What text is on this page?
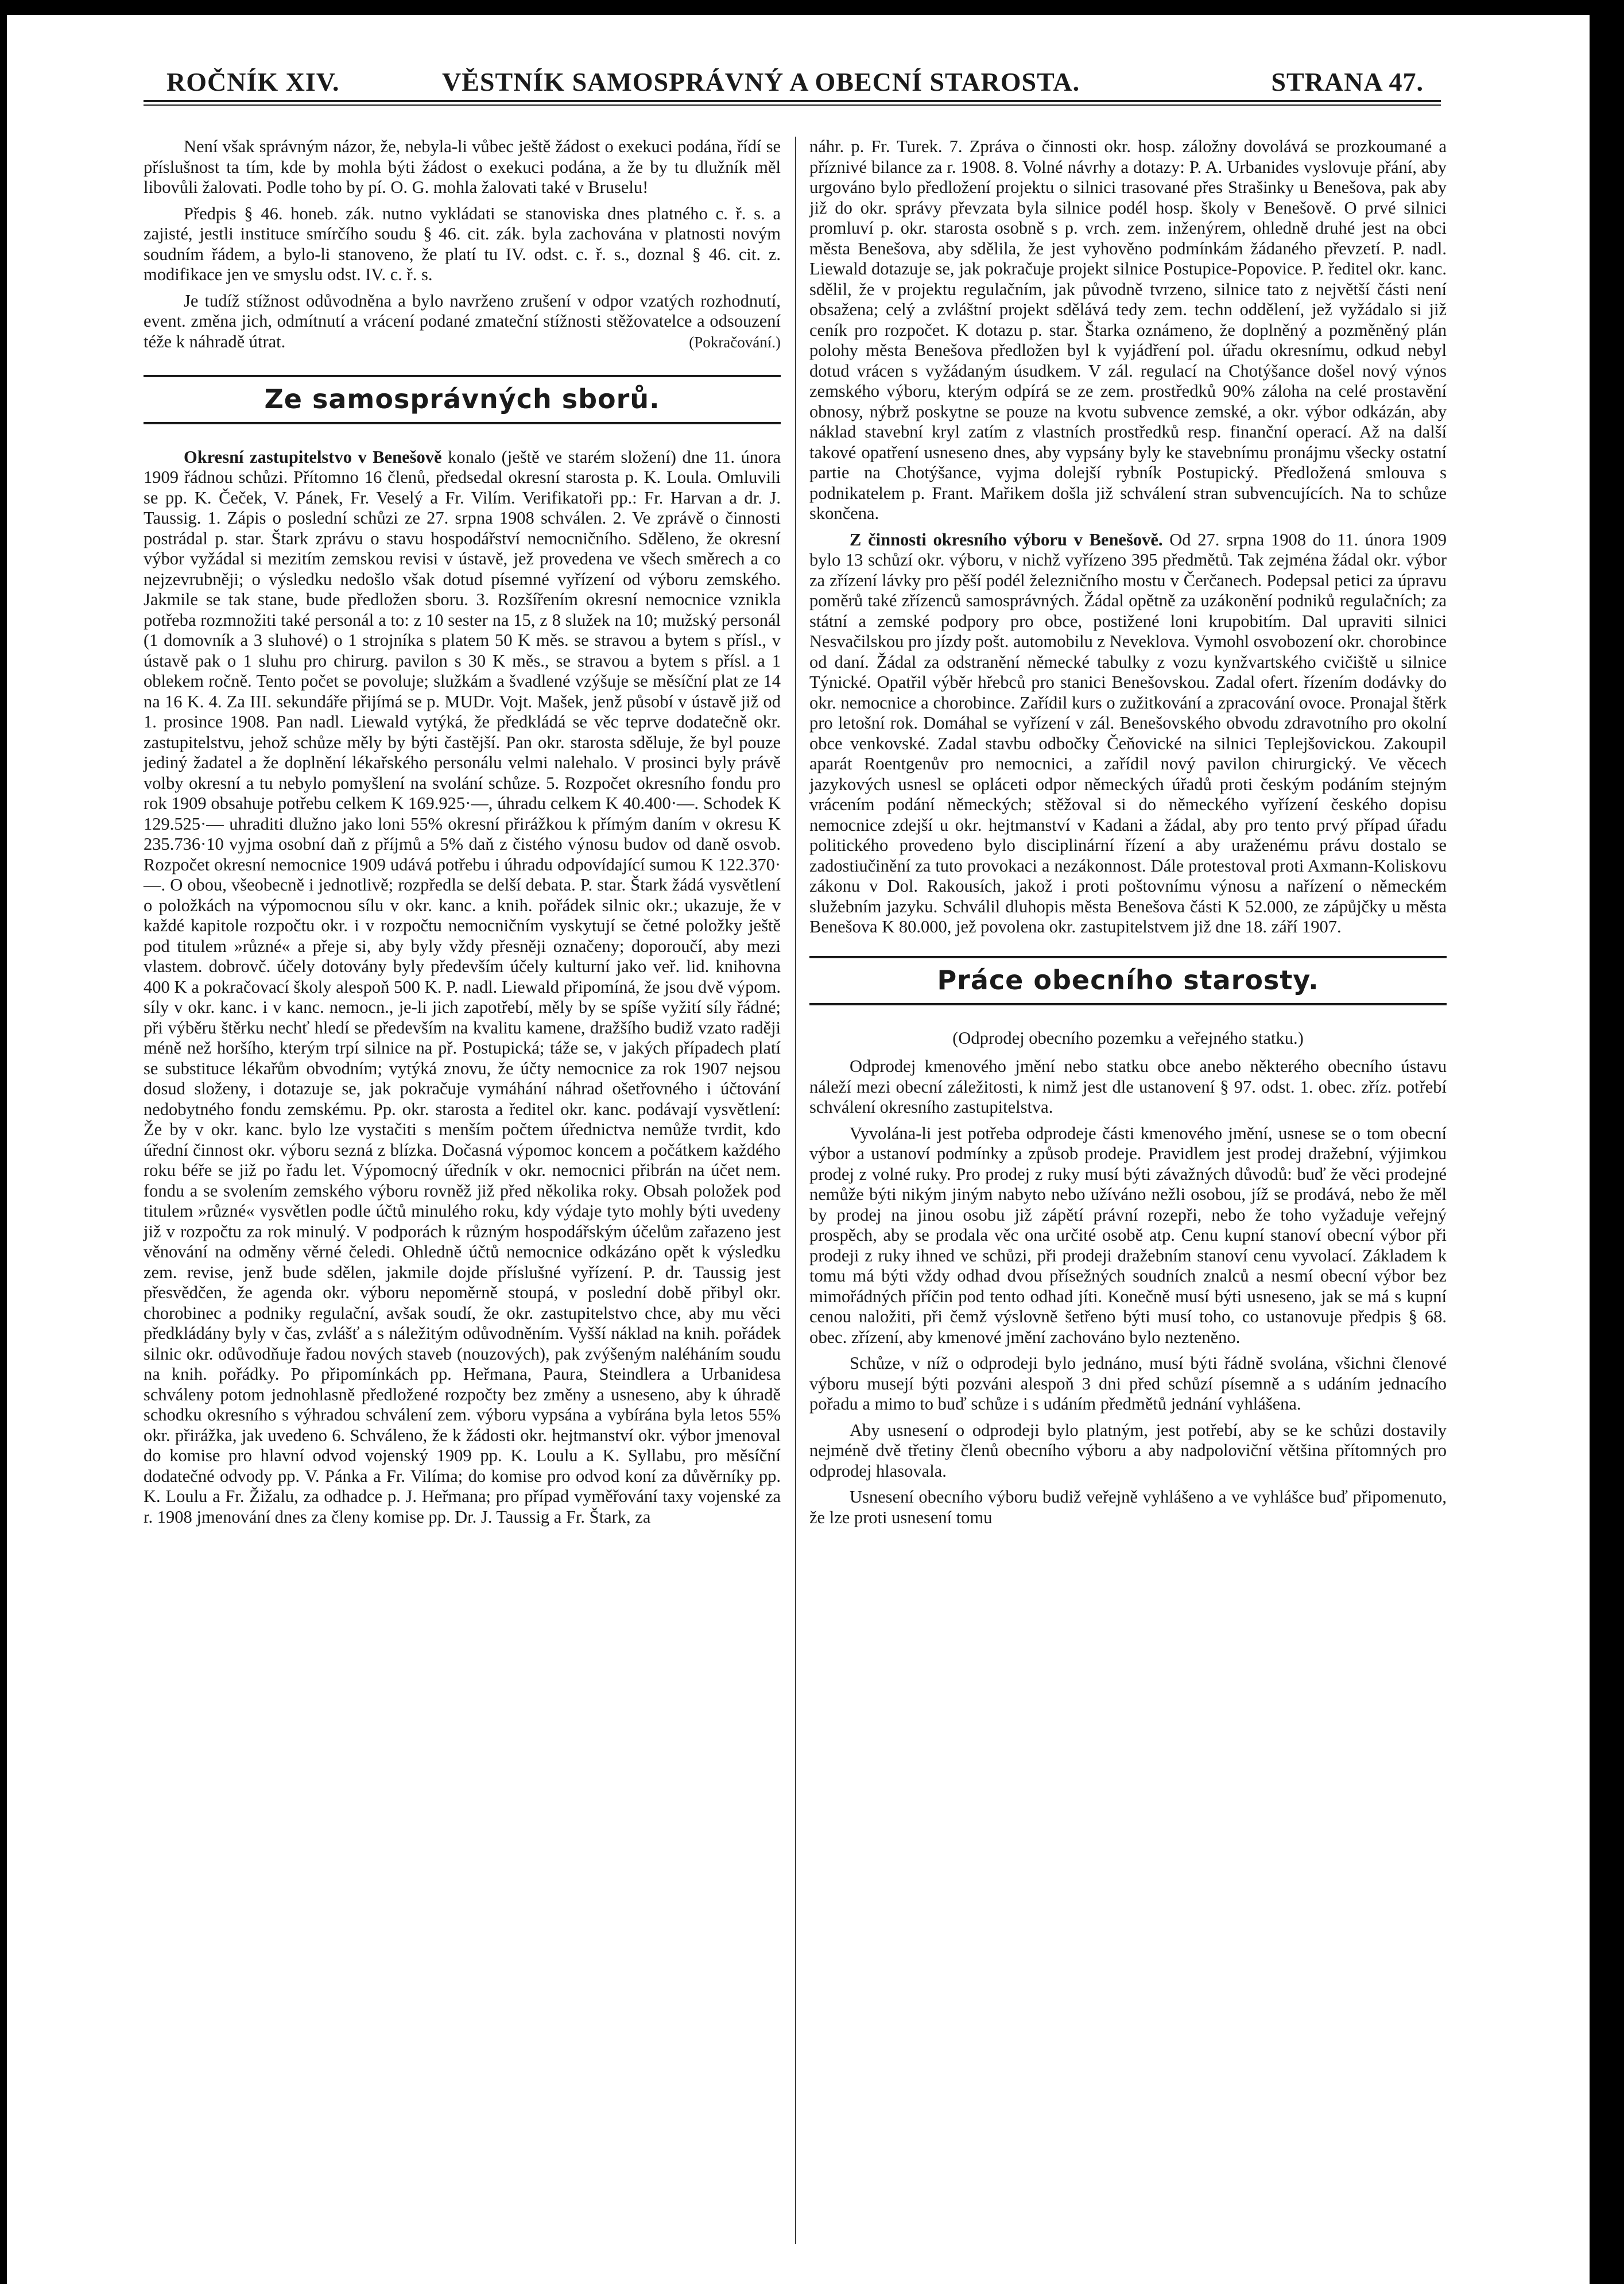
ROČNÍK XIV.	VĚSTNÍK SAMOSPRÁVNÝ A OBECNÍ STAROSTA.	STRANA 47.

Není však správným názor, že, nebyla-li vůbec ještě žádost o exekuci podána, řídí se příslušnost ta tím, kde by mohla býti žádost o exekuci podána, a že by tu dlužník měl libovůli žalovati. Podle toho by pí. O. G. mohla žalovati také v Bruselu!

Předpis § 46. honeb. zák. nutno vykládati se stanoviska dnes platného c. ř. s. a zajisté, jestli instituce smírčího soudu § 46. cit. zák. byla zachována v platnosti novým soudním řádem, a bylo-li stanoveno, že platí tu IV. odst. c. ř. s., doznal § 46. cit. z. modifikace jen ve smyslu odst. IV. c. ř. s.

Je tudíž stížnost odůvodněna a bylo navrženo zrušení v odpor vzatých rozhodnutí, event. změna jich, odmítnutí a vrácení podané zmateční stížnosti stěžovatelce a odsouzení téže k náhradě útrat.	(Pokračování.)
Ze samosprávných sborů.

Okresní zastupitelstvo v Benešově konalo (ještě ve starém složení) dne 11. února 1909 řádnou schůzi. Přítomno 16 členů, předsedal okresní starosta p. K. Loula. Omluvili se pp. K. Čeček, V. Pánek, Fr. Veselý a Fr. Vilím. Verifikatoři pp.: Fr. Harvan a dr. J. Taussig. 1. Zápis o poslední schůzi ze 27. srpna 1908 schválen. 2. Ve zprávě o činnosti postrádal p. star. Štark zprávu o stavu hospodářství nemocničního. Sděleno, že okresní výbor vyžádal si mezitím zemskou revisi v ústavě, jež provedena ve všech směrech a co nejzevrubněji; o výsledku nedošlo však dotud písemné vyřízení od výboru zemského. Jakmile se tak stane, bude předložen sboru. 3. Rozšířením okresní nemocnice vznikla potřeba rozmnožiti také personál a to: z 10 sester na 15, z 8 služek na 10; mužský personál (1 domovník a 3 sluhové) o 1 strojníka s platem 50 K měs. se stravou a bytem s přísl., v ústavě pak o 1 sluhu pro chirurg. pavilon s 30 K měs., se stravou a bytem s přísl. a 1 oblekem ročně. Tento počet se povoluje; služkám a švadlené vzýšuje se měsíční plat ze 14 na 16 K. 4. Za III. sekundáře přijímá se p. MUDr. Vojt. Mašek, jenž působí v ústavě již od 1. prosince 1908. Pan nadl. Liewald vytýká, že předkládá se věc teprve dodatečně okr. zastupitelstvu, jehož schůze měly by býti častější. Pan okr. starosta sděluje, že byl pouze jediný žadatel a že doplnění lékařského personálu velmi nalehalo. V prosinci byly právě volby okresní a tu nebylo pomyšlení na svolání schůze. 5. Rozpočet okresního fondu pro rok 1909 obsahuje potřebu celkem K 169.925·—, úhradu celkem K 40.400·—. Schodek K 129.525·— uhraditi dlužno jako loni 55% okresní přirážkou k přímým daním v okresu K 235.736·10 vyjma osobní daň z příjmů a 5% daň z čistého výnosu budov od daně osvob. Rozpočet okresní nemocnice 1909 udává potřebu i úhradu odpovídající sumou K 122.370·—. O obou, všeobecně i jednotlivě; rozpředla se delší debata. P. star. Štark žádá vysvětlení o položkách na výpomocnou sílu v okr. kanc. a knih. pořádek silnic okr.; ukazuje, že v každé kapitole rozpočtu okr. i v rozpočtu nemocničním vyskytují se četné položky ještě pod titulem »různé« a přeje si, aby byly vždy přesněji označeny; doporoučí, aby mezi vlastem. dobrovč. účely dotovány byly především účely kulturní jako veř. lid. knihovna 400 K a pokračovací školy alespoň 500 K. P. nadl. Liewald připomíná, že jsou dvě výpom. síly v okr. kanc. i v kanc. nemocn., je-li jich zapotřebí, měly by se spíše vyžití síly řádné; při výběru štěrku nechť hledí se především na kvalitu kamene, dražšího budiž vzato raději méně než horšího, kterým trpí silnice na př. Postupická; táže se, v jakých případech platí se substituce lékařům obvodním; vytýká znovu, že účty nemocnice za rok 1907 nejsou dosud složeny, i dotazuje se, jak pokračuje vymáhání náhrad ošetřovného i účtování nedobytného fondu zemskému. Pp. okr. starosta a ředitel okr. kanc. podávají vysvětlení: Že by v okr. kanc. bylo lze vystačiti s menším počtem úřednictva nemůže tvrdit, kdo úřední činnost okr. výboru sezná z blízka. Dočasná výpomoc koncem a počátkem každého roku béře se již po řadu let. Výpomocný úředník v okr. nemocnici přibrán na účet nem. fondu a se svolením zemského výboru rovněž již před několika roky. Obsah položek pod titulem »různé« vysvětlen podle účtů minulého roku, kdy výdaje tyto mohly býti uvedeny již v rozpočtu za rok minulý. V podporách k různým hospodářským účelům zařazeno jest věnování na odměny věrné čeledi. Ohledně účtů nemocnice odkázáno opět k výsledku zem. revise, jenž bude sdělen, jakmile dojde příslušné vyřízení. P. dr. Taussig jest přesvědčen, že agenda okr. výboru nepoměrně stoupá, v poslední době přibyl okr. chorobinec a podniky regulační, avšak soudí, že okr. zastupitelstvo chce, aby mu věci předkládány byly v čas, zvlášť a s náležitým odůvodněním. Vyšší náklad na knih. pořádek silnic okr. odůvodňuje řadou nových staveb (nouzových), pak zvýšeným naléháním soudu na knih. pořádky. Po připomínkách pp. Heřmana, Paura, Steindlera a Urbanidesa schváleny potom jednohlasně předložené rozpočty bez změny a usneseno, aby k úhradě schodku okresního s výhradou schválení zem. výboru vypsána a vybírána byla letos 55% okr. přirážka, jak uvedeno 6. Schváleno, že k žádosti okr. hejtmanství okr. výbor jmenoval do komise pro hlavní odvod vojenský 1909 pp. K. Loulu a K. Syllabu, pro měsíční dodatečné odvody pp. V. Pánka a Fr. Vilíma; do komise pro odvod koní za důvěrníky pp. K. Loulu a Fr. Žižalu, za odhadce p. J. Heřmana; pro případ vyměřování taxy vojenské za r. 1908 jmenování dnes za členy komise pp. Dr. J. Taussig a Fr. Štark, za

náhr. p. Fr. Turek. 7. Zpráva o činnosti okr. hosp. záložny dovolává se prozkoumané a příznivé bilance za r. 1908. 8. Volné návrhy a dotazy: P. A. Urbanides vyslovuje přání, aby urgováno bylo předložení projektu o silnici trasované přes Strašinky u Benešova, pak aby již do okr. správy převzata byla silnice podél hosp. školy v Benešově. O prvé silnici promluví p. okr. starosta osobně s p. vrch. zem. inženýrem, ohledně druhé jest na obci města Benešova, aby sdělila, že jest vyhověno podmínkám žádaného převzetí. P. nadl. Liewald dotazuje se, jak pokračuje projekt silnice Postupice-Popovice. P. ředitel okr. kanc. sdělil, že v projektu regulačním, jak původně tvrzeno, silnice tato z největší části není obsažena; celý a zvláštní projekt sdělává tedy zem. techn oddělení, jež vyžádalo si již ceník pro rozpočet. K dotazu p. star. Štarka oznámeno, že doplněný a pozměněný plán polohy města Benešova předložen byl k vyjádření pol. úřadu okresnímu, odkud nebyl dotud vrácen s vyžádaným úsudkem. V zál. regulací na Chotýšance došel nový výnos zemského výboru, kterým odpírá se ze zem. prostředků 90% záloha na celé prostavění obnosy, nýbrž poskytne se pouze na kvotu subvence zemské, a okr. výbor odkázán, aby náklad stavební kryl zatím z vlastních prostředků resp. finanční operací. Až na další takové opatření usneseno dnes, aby vypsány byly ke stavebnímu pronájmu všecky ostatní partie na Chotýšance, vyjma dolejší rybník Postupický. Předložená smlouva s podnikatelem p. Frant. Mařikem došla již schválení stran subvencujících. Na to schůze skončena.

Z činnosti okresního výboru v Benešově. Od 27. srpna 1908 do 11. února 1909 bylo 13 schůzí okr. výboru, v nichž vyřízeno 395 předmětů. Tak zejména žádal okr. výbor za zřízení lávky pro pěší podél železničního mostu v Čerčanech. Podepsal petici za úpravu poměrů také zřízenců samosprávných. Žádal opětně za uzákonění podniků regulačních; za státní a zemské podpory pro obce, postižené loni krupobitím. Dal upraviti silnici Nesvačilskou pro jízdy pošt. automobilu z Neveklova. Vymohl osvobození okr. chorobince od daní. Žádal za odstranění německé tabulky z vozu kynžvartského cvičiště u silnice Týnické. Opatřil výběr hřebců pro stanici Benešovskou. Zadal ofert. řízením dodávky do okr. nemocnice a chorobince. Zařídil kurs o zužitkování a zpracování ovoce. Pronajal štěrk pro letošní rok. Domáhal se vyřízení v zál. Benešovského obvodu zdravotního pro okolní obce venkovské. Zadal stavbu odbočky Čeňovické na silnici Teplejšovickou. Zakoupil aparát Roentgenův pro nemocnici, a zařídil nový pavilon chirurgický. Ve věcech jazykových usnesl se opláceti odpor německých úřadů proti českým podáním stejným vrácením podání německých; stěžoval si do německého vyřízení českého dopisu nemocnice zdejší u okr. hejtmanství v Kadani a žádal, aby pro tento prvý případ úřadu politického provedeno bylo disciplinární řízení a aby uraženému právu dostalo se zadostiučinění za tuto provokaci a nezákonnost. Dále protestoval proti Axmann-Koliskovu zákonu v Dol. Rakousích, jakož i proti poštovnímu výnosu a nařízení o německém služebním jazyku. Schválil dluhopis města Benešova části K 52.000, ze zápůjčky u města Benešova K 80.000, jež povolena okr. zastupitelstvem již dne 18. září 1907.

Práce obecního starosty.

(Odprodej obecního pozemku a veřejného statku.)

Odprodej kmenového jmění nebo statku obce anebo některého obecního ústavu náleží mezi obecní záležitosti, k nimž jest dle ustanovení § 97. odst. 1. obec. zříz. potřebí schválení okresního zastupitelstva.

Vyvolána-li jest potřeba odprodeje části kmenového jmění, usnese se o tom obecní výbor a ustanoví podmínky a způsob prodeje. Pravidlem jest prodej dražební, výjimkou prodej z volné ruky. Pro prodej z ruky musí býti závažných důvodů: buď že věci prodejné nemůže býti nikým jiným nabyto nebo užíváno nežli osobou, jíž se prodává, nebo že měl by prodej na jinou osobu již zápětí právní rozepři, nebo že toho vyžaduje veřejný prospěch, aby se prodala věc ona určité osobě atp. Cenu kupní stanoví obecní výbor při prodeji z ruky ihned ve schůzi, při prodeji dražebním stanoví cenu vyvolací. Základem k tomu má býti vždy odhad dvou přísežných soudních znalců a nesmí obecní výbor bez mimořádných příčin pod tento odhad jíti. Konečně musí býti usneseno, jak se má s kupní cenou naložiti, při čemž výslovně šetřeno býti musí toho, co ustanovuje předpis § 68. obec. zřízení, aby kmenové jmění zachováno bylo nezteněno.

Schůze, v níž o odprodeji bylo jednáno, musí býti řádně svolána, všichni členové výboru musejí býti pozváni alespoň 3 dni před schůzí písemně a s udáním jednacího pořadu a mimo to buď schůze i s udáním předmětů jednání vyhlášena.

Aby usnesení o odprodeji bylo platným, jest potřebí, aby se ke schůzi dostavily nejméně dvě třetiny členů obecního výboru a aby nadpoloviční většina přítomných pro odprodej hlasovala.

Usnesení obecního výboru budiž veřejně vyhlášeno a ve vyhlášce buď připomenuto, že lze proti usnesení tomu
